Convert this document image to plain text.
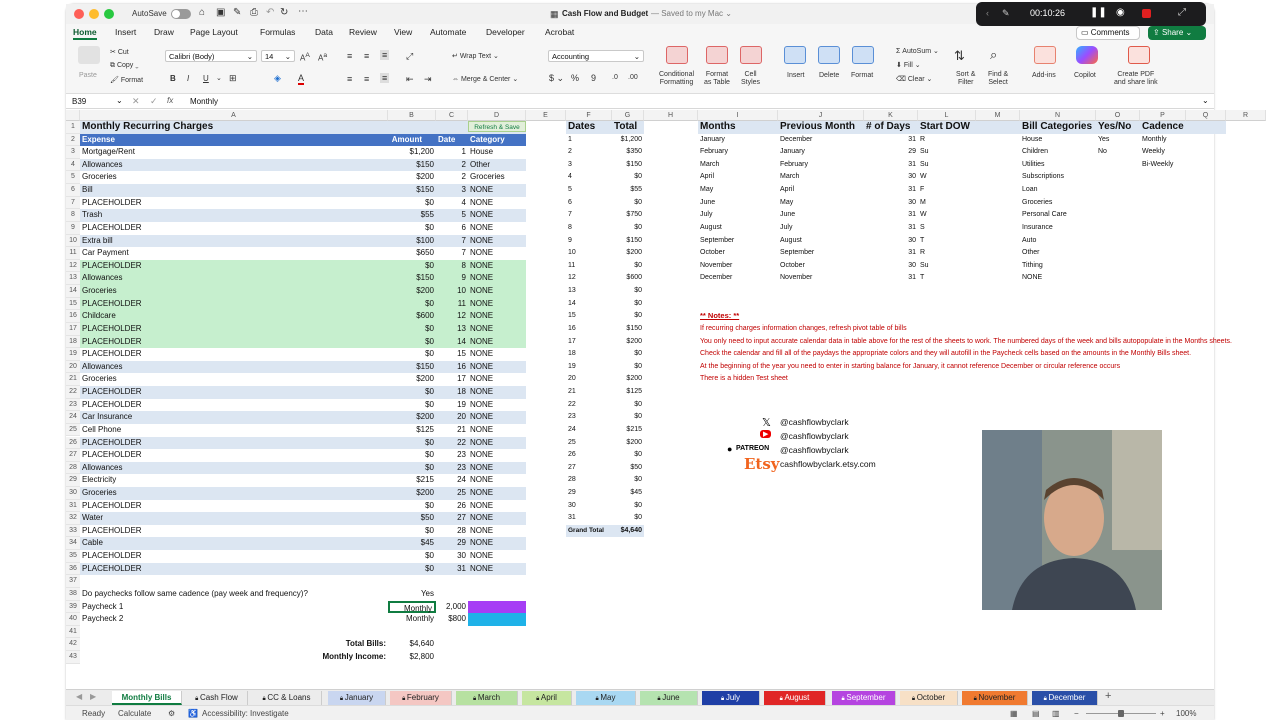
AutoSave	⌂ ▣ ✎ ⎙ ↶ ↻ ⋯	▦ Cash Flow and Budget — Saved to my Mac ⌄
Home Insert Draw Page Layout	Formulas Data Review View Automate Developer Acrobat	▭ Comments	⇪ Share ⌄
Paste
✂ Cut
⧉ Copy ⌄
🖌︎ Format
Calibri (Body)	⌄	14 ⌄ $A^A$ $A^a$
B I U ⌄ ⊞	◈ A
≡ ≡ ≡ ⤢
≡ ≡ ≡ ⇤ ⇥
↵ Wrap Text ⌄
⇔ Merge & Center ⌄
Accounting	⌄
$ ⌄ % 9 .0 .00	Conditional
Formatting
Format
as Table
Cell
Styles
Insert Delete Format
Σ AutoSum ⌄
⬇ Fill ⌄
⌫ Clear ⌄
⇅
Sort &
Filter
⌕
Find &
Select
Add-ins	Copilot	Create PDF
and share link
B39	⌄ ✕ ✓ fx Monthly	⌄
A	B	C	D	E	F	G	H	I	J	K	L	M	N	O	P	Q	R
1
2
3
4
5
6
7
8
9
10
11
12
13
14
15
16
17
18
19
20
21
22
23
24
25
26
27
28
29
30
31
32
33
34
35
36
37
38
39
40
41
42
43
Monthly Recurring Charges	Refresh & Save
Expense	Amount	Date	Category
Mortgage/Rent	$1,200	1 House
Allowances	$150	2 Other
Groceries	$200	2 Groceries
Bill	$150	3 NONE
PLACEHOLDER	$0	4 NONE
Trash	$55	5 NONE
PLACEHOLDER	$0	6 NONE
Extra bill	$100	7 NONE
Car Payment	$650	7 NONE
PLACEHOLDER	$0	8 NONE
Allowances	$150	9 NONE
Groceries	$200	10 NONE
PLACEHOLDER	$0	11 NONE
Childcare	$600	12 NONE
PLACEHOLDER	$0	13 NONE
PLACEHOLDER	$0	14 NONE
PLACEHOLDER	$0	15 NONE
Allowances	$150	16 NONE
Groceries	$200	17 NONE
PLACEHOLDER	$0	18 NONE
PLACEHOLDER	$0	19 NONE
Car Insurance	$200	20 NONE
Cell Phone	$125	21 NONE
PLACEHOLDER	$0	22 NONE
PLACEHOLDER	$0	23 NONE
Allowances	$0	23 NONE
Electricity	$215	24 NONE
Groceries	$200	25 NONE
PLACEHOLDER	$0	26 NONE
Water	$50	27 NONE
PLACEHOLDER	$0	28 NONE
Cable	$45	29 NONE
PLACEHOLDER	$0	30 NONE
PLACEHOLDER	$0	31 NONE
Do paychecks follow same cadence (pay week and frequency)?	Yes
Paycheck 1	Monthly	2,000
Paycheck 2	Monthly	$800
Total Bills:	$4,640
Monthly Income:	$2,800
Dates	Total
1	$1,200
2	$350
3	$150
4	$0
5	$55
6	$0
7	$750
8	$0
9	$150
10	$200
11	$0
12	$600
13	$0
14	$0
15	$0
16	$150
17	$200
18	$0
19	$0
20	$200
21	$125
22	$0
23	$0
24	$215
25	$200
26	$0
27	$50
28	$0
29	$45
30	$0
31	$0
Grand Total	$4,640
Months	Previous Month	# of Days Start DOW
January	December	31 R
February	January	29 Su
March	February	31 Su
April	March	30 W
May	April	31 F
June	May	30 M
July	June	31 W
August	July	31 S
September	August	30 T
October	September	31 R
November	October	30 Su
December	November	31 T
Bill Categories Yes/No	Cadence
House
Children
Utilities
Subscriptions
Loan
Groceries
Personal Care
Insurance
Auto
Other
Tithing
NONE
Yes
No
Monthly
Weekly
Bi-Weekly
** Notes: **
If recurring charges information changes, refresh pivot table of bills
You only need to input accurate calendar data in table above for the rest of the sheets to work. The numbered days of the week and bills autopopulate in the Months sheets.
Check the calendar and fill all of the paydays the appropriate colors and they will autofill in the Paycheck cells based on the amounts in the Monthly Bills sheet.
At the beginning of the year you need to enter in starting balance for January, it cannot reference December or circular reference occurs
There is a hidden Test sheet
𝕏 @cashflowbyclark
▶	@cashflowbyclark
● PATREON @cashflowbyclark
Etsy cashflowbyclark.etsy.com
◀ ▶	Monthly Bills	🔒︎ Cash Flow	🔒︎ CC & Loans	🔒︎ January	🔒︎ February	🔒︎ March	🔒︎ April	🔒︎ May	🔒︎ June	🔒︎ July	🔒︎ August	🔒︎ September	🔒︎ October	🔒︎ November	🔒︎ December	+
Ready Calculate ⚙ ♿ Accessibility: Investigate	▦ ▤ ▥ −	+ 100%
‹ ✎ 00:10:26 ❚❚ ◉	⤢
